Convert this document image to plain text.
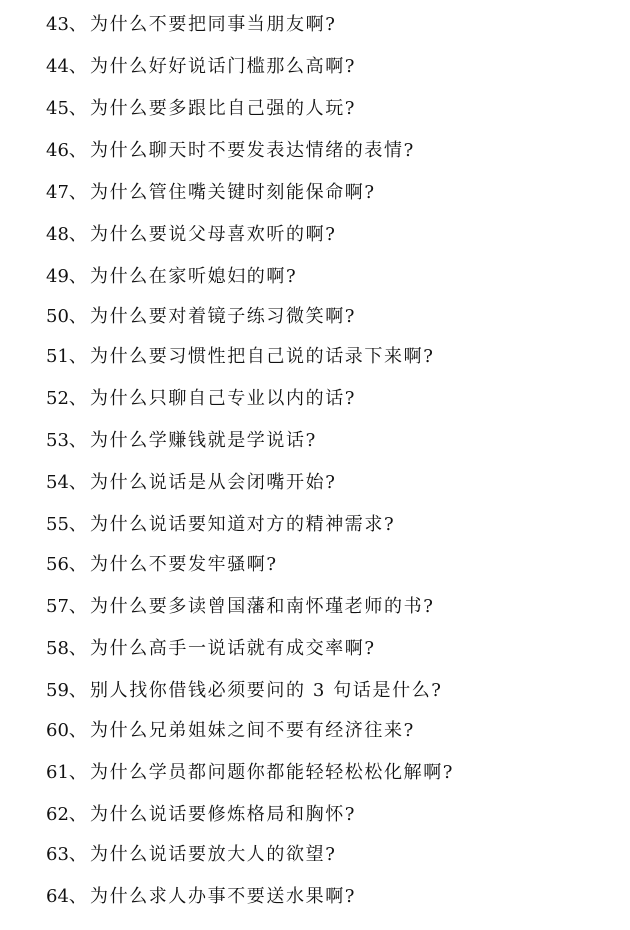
43、 为什么不要把同事当朋友啊?
44、 为什么好好说话门槛那么高啊?
45、 为什么要多跟比自己强的人玩?
46、 为什么聊天时不要发表达情绪的表情?
47、 为什么管住嘴关键时刻能保命啊?
48、 为什么要说父母喜欢听的啊?
49、 为什么在家听媳妇的啊?
50、 为什么要对着镜子练习微笑啊?
51、 为什么要习惯性把自己说的话录下来啊?
52、 为什么只聊自己专业以内的话?
53、 为什么学赚钱就是学说话?
54、 为什么说话是从会闭嘴开始?
55、 为什么说话要知道对方的精神需求?
56、 为什么不要发牢骚啊?
57、 为什么要多读曾国藩和南怀瑾老师的书?
58、 为什么高手一说话就有成交率啊?
59、 别人找你借钱必须要问的 3 句话是什么?
60、 为什么兄弟姐妹之间不要有经济往来?
61、 为什么学员都问题你都能轻轻松松化解啊?
62、 为什么说话要修炼格局和胸怀?
63、 为什么说话要放大人的欲望?
64、 为什么求人办事不要送水果啊?
